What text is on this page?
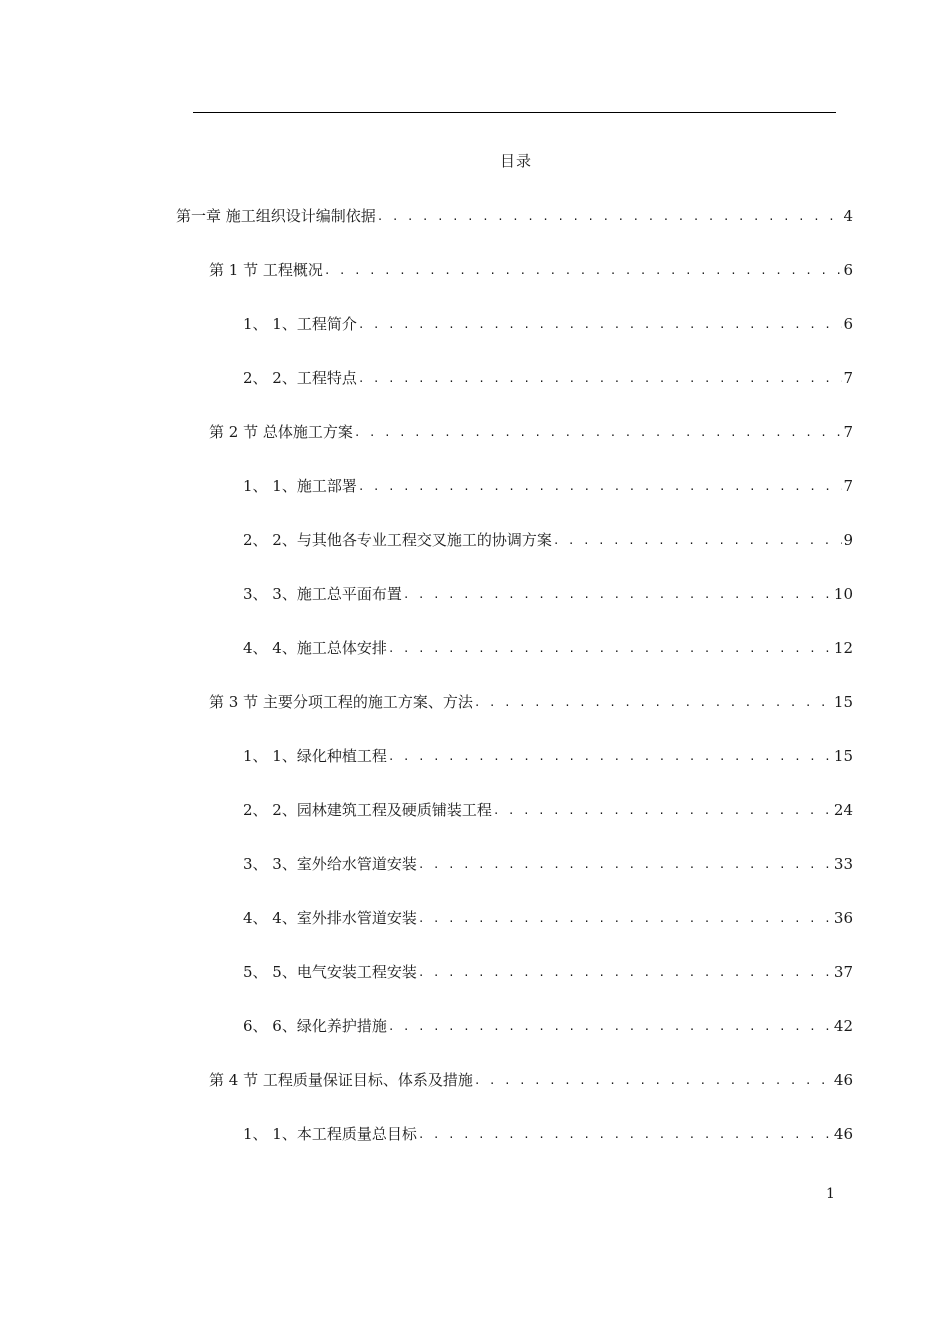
目录
第一章 施工组织设计编制依据 . . .	4
第 1 节 工程概况 . . .	6
1、 1、工程简介 . . .	6
2、 2、工程特点 . . .	7
第 2 节 总体施工方案 . . .	7
1、 1、施工部署 . . .	7
2、 2、与其他各专业工程交叉施工的协调方案 . . .	9
3、 3、施工总平面布置 . . .	10
4、 4、施工总体安排 . . .	12
第 3 节 主要分项工程的施工方案、方法 . . .	15
1、 1、绿化种植工程 . . .	15
2、 2、园林建筑工程及硬质铺装工程 . . .	24
3、 3、室外给水管道安装 . . .	33
4、 4、室外排水管道安装 . . .	36
5、 5、电气安装工程安装 . . .	37
6、 6、绿化养护措施 . . .	42
第 4 节 工程质量保证目标、体系及措施 . . .	46
1、 1、本工程质量总目标 . . .	46
1
